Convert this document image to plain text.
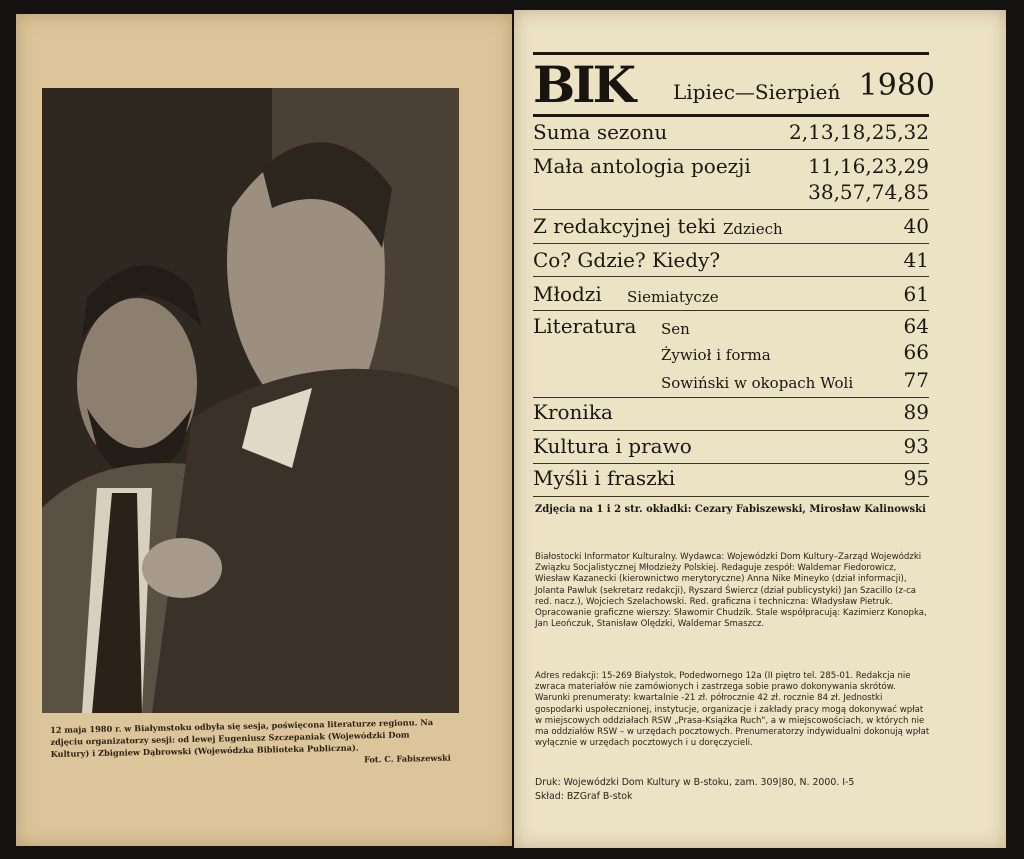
12 maja 1980 r. w Białymstoku odbyła się sesja, poświęcona literaturze regionu. Na zdjęciu organizatorzy sesji: od lewej Eugeniusz Szczepaniak (Wojewódzki Dom Kultury) i Zbigniew Dąbrowski (Wojewódzka Biblioteka Publiczna). Fot. C. Fabiszewski
BIK Lipiec—Sierpień 1980
Suma sezonu	2,13,18,25,32
Mała antologia poezji	11,16,23,29
38,57,74,85
Z redakcyjnej teki Zdziech	40
Co? Gdzie? Kiedy?	41
Młodzi Siemiatycze	61
Literatura Sen	64
Żywioł i forma	66
Sowiński w okopach Woli	77
Kronika	89
Kultura i prawo	93
Myśli i fraszki	95
Zdjęcia na 1 i 2 str. okładki: Cezary Fabiszewski, Mirosław Kalinowski
Białostocki Informator Kulturalny. Wydawca: Wojewódzki Dom Kultury–Zarząd Wojewódzki Związku Socjalistycznej Młodzieży Polskiej. Redaguje zespół: Waldemar Fiedorowicz, Wiesław Kazanecki (kierownictwo merytoryczne) Anna Nike Mineyko (dział informacji), Jolanta Pawluk (sekretarz redakcji), Ryszard Świercz (dział publicystyki) Jan Szacillo (z-ca red. nacz.), Wojciech Szelachowski. Red. graficzna i techniczna: Władysław Pietruk. Opracowanie graficzne wierszy: Sławomir Chudzik. Stale współpracują: Kazimierz Konopka, Jan Leończuk, Stanisław Olędzki, Waldemar Smaszcz.
Adres redakcji: 15-269 Białystok, Podedwornego 12a (II piętro tel. 285-01. Redakcja nie zwraca materiałów nie zamówionych i zastrzega sobie prawo dokonywania skrótów. Warunki prenumeraty: kwartalnie -21 zł. półrocznie 42 zł. rocznie 84 zł. Jednostki gospodarki uspołecznionej, instytucje, organizacje i zakłady pracy mogą dokonywać wpłat w miejscowych oddziałach RSW „Prasa-Książka Ruch", a w miejscowościach, w których nie ma oddziałów RSW – w urzędach pocztowych. Prenumeratorzy indywidualni dokonują wpłat wyłącznie w urzędach pocztowych i u doręczycieli.
Druk: Wojewódzki Dom Kultury w B-stoku, zam. 309|80, N. 2000. I-5
Skład: BZGraf B-stok
